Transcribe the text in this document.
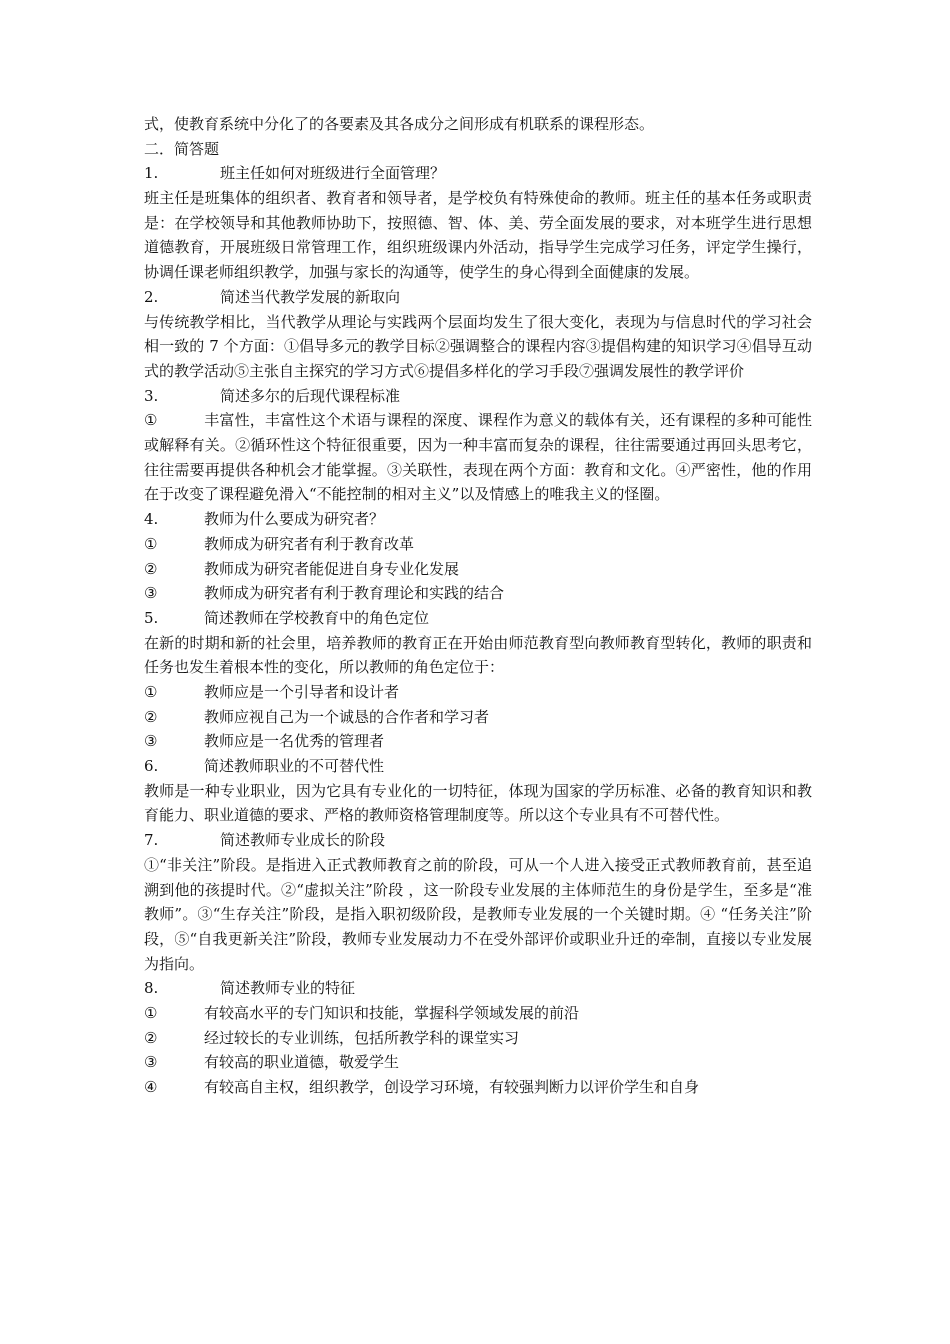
式，使教育系统中分化了的各要素及其各成分之间形成有机联系的课程形态。
二．简答题
1.	班主任如何对班级进行全面管理？
班主任是班集体的组织者、教育者和领导者，是学校负有特殊使命的教师。班主任的基本任务或职责是：在学校领导和其他教师协助下，按照德、智、体、美、劳全面发展的要求，对本班学生进行思想道德教育，开展班级日常管理工作，组织班级课内外活动，指导学生完成学习任务，评定学生操行，协调任课老师组织教学，加强与家长的沟通等，使学生的身心得到全面健康的发展。
2.	简述当代教学发展的新取向
与传统教学相比，当代教学从理论与实践两个层面均发生了很大变化，表现为与信息时代的学习社会相一致的 7 个方面：①倡导多元的教学目标②强调整合的课程内容③提倡构建的知识学习④倡导互动式的教学活动⑤主张自主探究的学习方式⑥提倡多样化的学习手段⑦强调发展性的教学评价
3.	简述多尔的后现代课程标准
①	丰富性，丰富性这个术语与课程的深度、课程作为意义的载体有关，还有课程的多种可能性或解释有关。②循环性这个特征很重要，因为一种丰富而复杂的课程，往往需要通过再回头思考它，往往需要再提供各种机会才能掌握。③关联性，表现在两个方面：教育和文化。④严密性，他的作用在于改变了课程避免滑入“不能控制的相对主义”以及情感上的唯我主义的怪圈。
4.	教师为什么要成为研究者？
①	教师成为研究者有利于教育改革
②	教师成为研究者能促进自身专业化发展
③	教师成为研究者有利于教育理论和实践的结合
5.	简述教师在学校教育中的角色定位
在新的时期和新的社会里，培养教师的教育正在开始由师范教育型向教师教育型转化，教师的职责和任务也发生着根本性的变化，所以教师的角色定位于：
①	教师应是一个引导者和设计者
②	教师应视自己为一个诚恳的合作者和学习者
③	教师应是一名优秀的管理者
6.	简述教师职业的不可替代性
教师是一种专业职业，因为它具有专业化的一切特征，体现为国家的学历标准、必备的教育知识和教育能力、职业道德的要求、严格的教师资格管理制度等。所以这个专业具有不可替代性。
7.	简述教师专业成长的阶段
①“非关注”阶段。是指进入正式教师教育之前的阶段，可从一个人进入接受正式教师教育前，甚至追溯到他的孩提时代。②“虚拟关注”阶段 ，这一阶段专业发展的主体师范生的身份是学生，至多是“准教师”。③“生存关注”阶段，是指入职初级阶段，是教师专业发展的一个关键时期。④ “任务关注”阶段，⑤“自我更新关注”阶段，教师专业发展动力不在受外部评价或职业升迁的牵制，直接以专业发展为指向。
8.	简述教师专业的特征
①	有较高水平的专门知识和技能，掌握科学领域发展的前沿
②	经过较长的专业训练，包括所教学科的课堂实习
③	有较高的职业道德，敬爱学生
④	有较高自主权，组织教学，创设学习环境，有较强判断力以评价学生和自身
